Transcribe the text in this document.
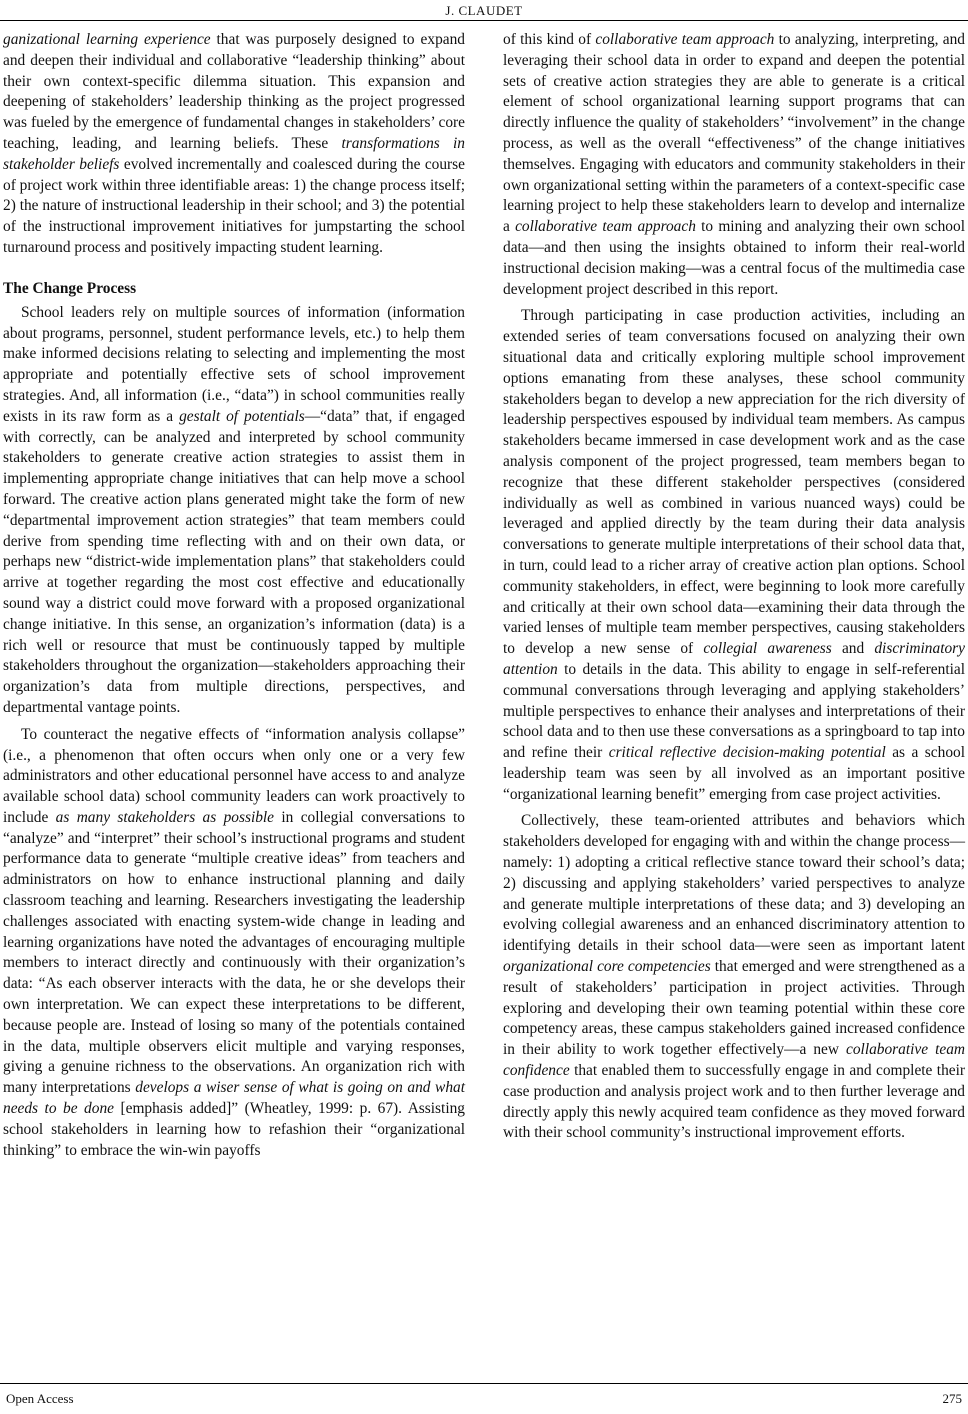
J. CLAUDET

ganizational learning experience that was purposely designed to expand and deepen their individual and collaborative “leadership thinking” about their own context-specific dilemma situation. This expansion and deepening of stakeholders’ leadership thinking as the project progressed was fueled by the emergence of fundamental changes in stakeholders’ core teaching, leading, and learning beliefs. These transformations in stakeholder beliefs evolved incrementally and coalesced during the course of project work within three identifiable areas: 1) the change process itself; 2) the nature of instructional leadership in their school; and 3) the potential of the instructional improvement initiatives for jumpstarting the school turnaround process and positively impacting student learning.

The Change Process

School leaders rely on multiple sources of information (information about programs, personnel, student performance levels, etc.) to help them make informed decisions relating to selecting and implementing the most appropriate and potentially effective sets of school improvement strategies. And, all information (i.e., “data”) in school communities really exists in its raw form as a gestalt of potentials—“data” that, if engaged with correctly, can be analyzed and interpreted by school community stakeholders to generate creative action strategies to assist them in implementing appropriate change initiatives that can help move a school forward. The creative action plans generated might take the form of new “departmental improvement action strategies” that team members could derive from spending time reflecting with and on their own data, or perhaps new “district-wide implementation plans” that stakeholders could arrive at together regarding the most cost effective and educationally sound way a district could move forward with a proposed organizational change initiative. In this sense, an organization’s information (data) is a rich well or resource that must be continuously tapped by multiple stakeholders throughout the organization—stakeholders approaching their organization’s data from multiple directions, perspectives, and departmental vantage points.

To counteract the negative effects of “information analysis collapse” (i.e., a phenomenon that often occurs when only one or a very few administrators and other educational personnel have access to and analyze available school data) school community leaders can work proactively to include as many stakeholders as possible in collegial conversations to “analyze” and “interpret” their school’s instructional programs and student performance data to generate “multiple creative ideas” from teachers and administrators on how to enhance instructional planning and daily classroom teaching and learning. Researchers investigating the leadership challenges associated with enacting system-wide change in leading and learning organizations have noted the advantages of encouraging multiple members to interact directly and continuously with their organization’s data: “As each observer interacts with the data, he or she develops their own interpretation. We can expect these interpretations to be different, because people are. Instead of losing so many of the potentials contained in the data, multiple observers elicit multiple and varying responses, giving a genuine richness to the observations. An organization rich with many interpretations develops a wiser sense of what is going on and what needs to be done [emphasis added]” (Wheatley, 1999: p. 67). Assisting school stakeholders in learning how to refashion their “organizational thinking” to embrace the win-win payoffs

of this kind of collaborative team approach to analyzing, interpreting, and leveraging their school data in order to expand and deepen the potential sets of creative action strategies they are able to generate is a critical element of school organizational learning support programs that can directly influence the quality of stakeholders’ “involvement” in the change process, as well as the overall “effectiveness” of the change initiatives themselves. Engaging with educators and community stakeholders in their own organizational setting within the parameters of a context-specific case learning project to help these stakeholders learn to develop and internalize a collaborative team approach to mining and analyzing their own school data—and then using the insights obtained to inform their real-world instructional decision making—was a central focus of the multimedia case development project described in this report.

Through participating in case production activities, including an extended series of team conversations focused on analyzing their own situational data and critically exploring multiple school improvement options emanating from these analyses, these school community stakeholders began to develop a new appreciation for the rich diversity of leadership perspectives espoused by individual team members. As campus stakeholders became immersed in case development work and as the case analysis component of the project progressed, team members began to recognize that these different stakeholder perspectives (considered individually as well as combined in various nuanced ways) could be leveraged and applied directly by the team during their data analysis conversations to generate multiple interpretations of their school data that, in turn, could lead to a richer array of creative action plan options. School community stakeholders, in effect, were beginning to look more carefully and critically at their own school data—examining their data through the varied lenses of multiple team member perspectives, causing stakeholders to develop a new sense of collegial awareness and discriminatory attention to details in the data. This ability to engage in self-referential communal conversations through leveraging and applying stakeholders’ multiple perspectives to enhance their analyses and interpretations of their school data and to then use these conversations as a springboard to tap into and refine their critical reflective decision-making potential as a school leadership team was seen by all involved as an important positive “organizational learning benefit” emerging from case project activities.

Collectively, these team-oriented attributes and behaviors which stakeholders developed for engaging with and within the change process—namely: 1) adopting a critical reflective stance toward their school’s data; 2) discussing and applying stakeholders’ varied perspectives to analyze and generate multiple interpretations of these data; and 3) developing an evolving collegial awareness and an enhanced discriminatory attention to identifying details in their school data—were seen as important latent organizational core competencies that emerged and were strengthened as a result of stakeholders’ participation in project activities. Through exploring and developing their own teaming potential within these core competency areas, these campus stakeholders gained increased confidence in their ability to work together effectively—a new collaborative team confidence that enabled them to successfully engage in and complete their case production and analysis project work and to then further leverage and directly apply this newly acquired team confidence as they moved forward with their school community’s instructional improvement efforts.

Open Access	275
